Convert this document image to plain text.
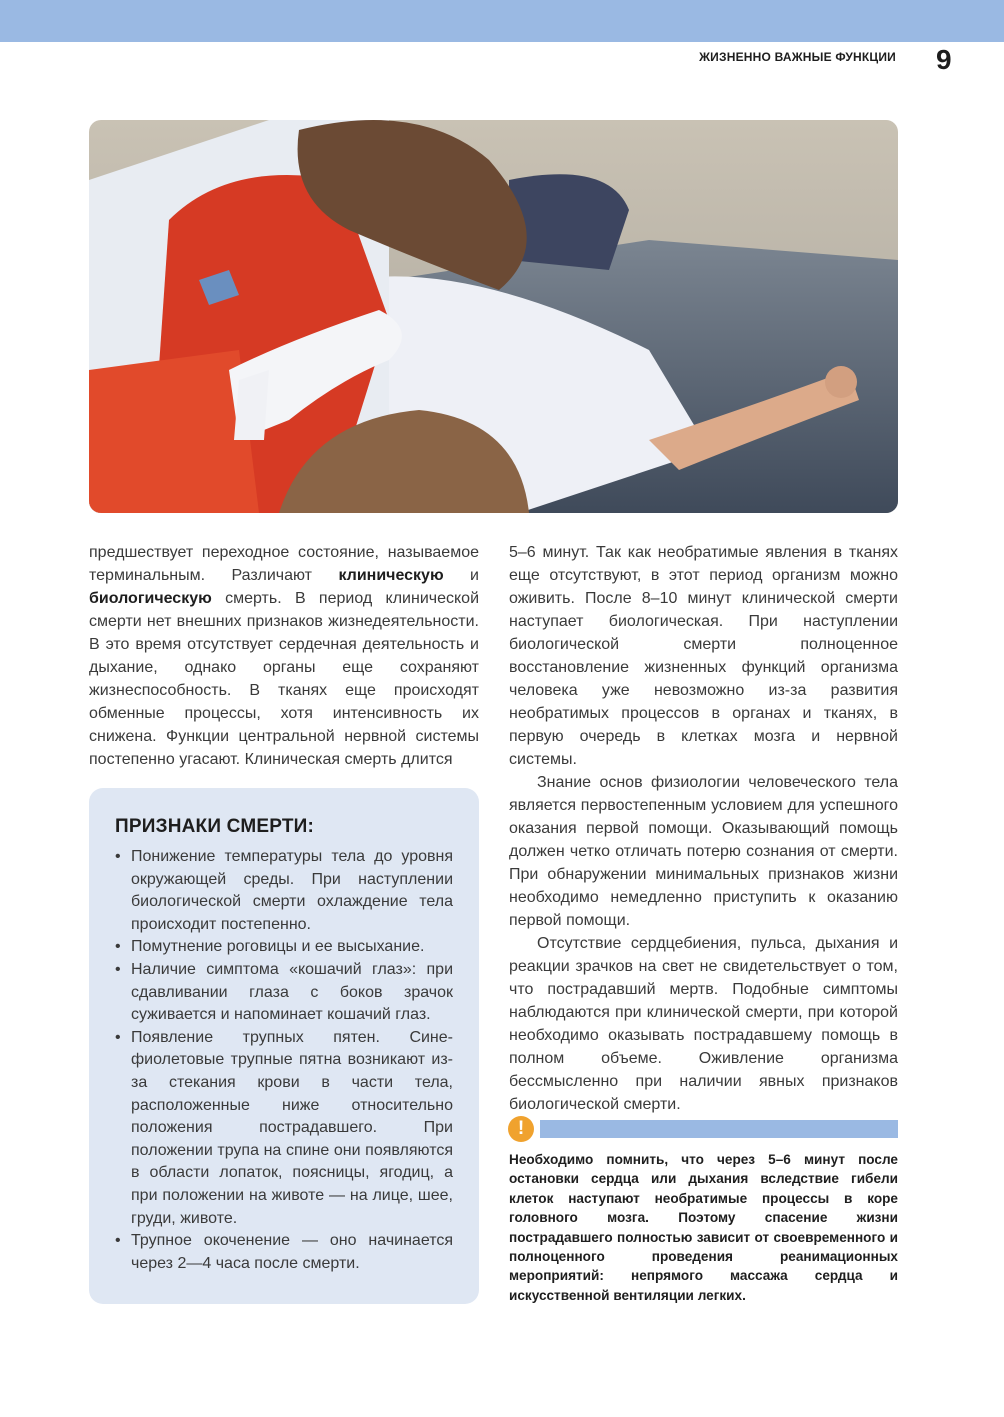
ЖИЗНЕННО ВАЖНЫЕ ФУНКЦИИ 9

предшествует переходное состояние, называемое терминальным. Различают клиническую и биологическую смерть. В период клинической смерти нет внешних признаков жизнедеятельности. В это время отсутствует сердечная деятельность и дыхание, однако органы еще сохраняют жизнеспособность. В тканях еще происходят обменные процессы, хотя интенсивность их снижена. Функции центральной нервной системы постепенно угасают. Клиническая смерть длится

ПРИЗНАКИ СМЕРТИ:
• Понижение температуры тела до уровня окружающей среды. При наступлении биологической смерти охлаждение тела происходит постепенно.
• Помутнение роговицы и ее высыхание.
• Наличие симптома «кошачий глаз»: при сдавливании глаза с боков зрачок суживается и напоминает кошачий глаз.
• Появление трупных пятен. Сине-фиолетовые трупные пятна возникают из-за стекания крови в части тела, расположенные ниже относительно положения пострадавшего. При положении трупа на спине они появляются в области лопаток, поясницы, ягодиц, а при положении на животе — на лице, шее, груди, животе.
• Трупное окоченение — оно начинается через 2—4 часа после смерти.

5–6 минут. Так как необратимые явления в тканях еще отсутствуют, в этот период организм можно оживить. После 8–10 минут клинической смерти наступает биологическая. При наступлении биологической смерти полноценное восстановление жизненных функций организма человека уже невозможно из-за развития необратимых процессов в органах и тканях, в первую очередь в клетках мозга и нервной системы.

Знание основ физиологии человеческого тела является первостепенным условием для успешного оказания первой помощи. Оказывающий помощь должен четко отличать потерю сознания от смерти. При обнаружении минимальных признаков жизни необходимо немедленно приступить к оказанию первой помощи.

Отсутствие сердцебиения, пульса, дыхания и реакции зрачков на свет не свидетельствует о том, что пострадавший мертв. Подобные симптомы наблюдаются при клинической смерти, при которой необходимо оказывать пострадавшему помощь в полном объеме. Оживление организма бессмысленно при наличии явных признаков биологической смерти.

!

Необходимо помнить, что через 5–6 минут после остановки сердца или дыхания вследствие гибели клеток наступают необратимые процессы в коре головного мозга. Поэтому спасение жизни пострадавшего полностью зависит от своевременного и полноценного проведения реанимационных мероприятий: непрямого массажа сердца и искусственной вентиляции легких.
